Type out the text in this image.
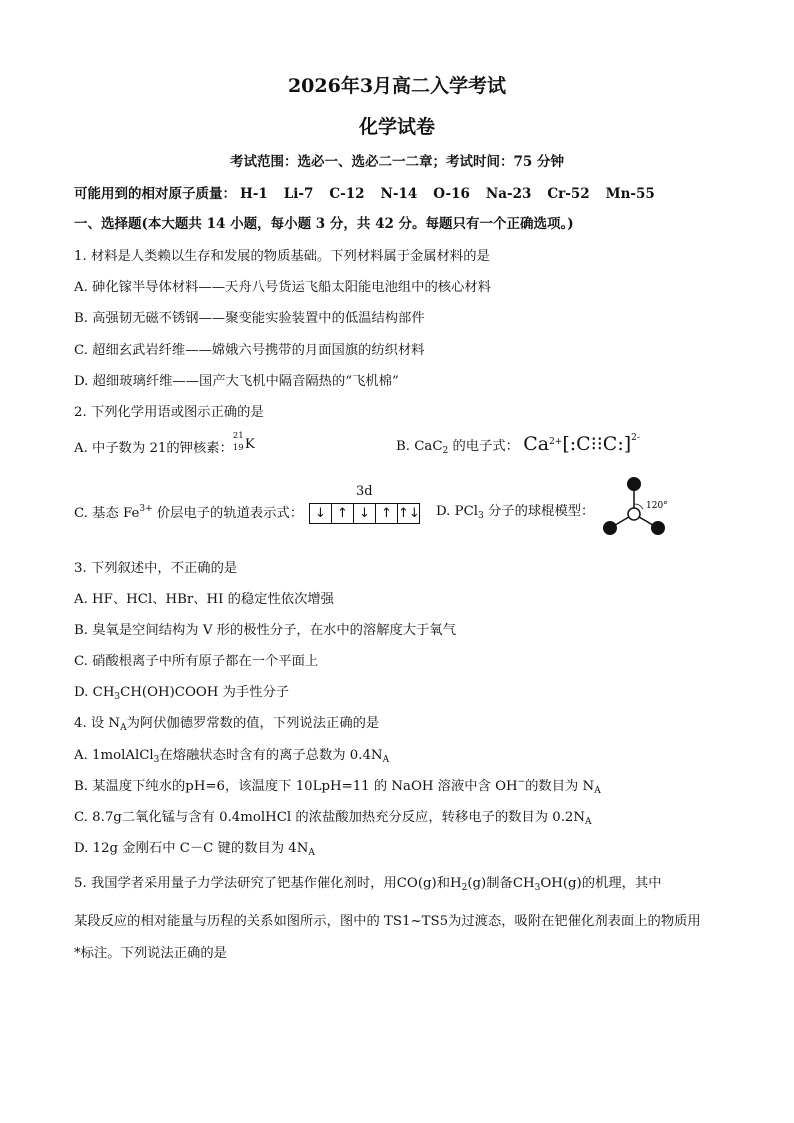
2026年3月高二入学考试
化学试卷
考试范围：选必一、选必二一二章；考试时间：75 分钟
可能用到的相对原子质量： H-1 Li-7 C-12 N-14 O-16 Na-23 Cr-52 Mn-55
一、选择题(本大题共 14 小题，每小题 3 分，共 42 分。每题只有一个正确选项。)
1. 材料是人类赖以生存和发展的物质基础。下列材料属于金属材料的是
A. 砷化镓半导体材料——天舟八号货运飞船太阳能电池组中的核心材料
B. 高强韧无磁不锈钢——聚变能实验装置中的低温结构部件
C. 超细玄武岩纤维——嫦娥六号携带的月面国旗的纺织材料
D. 超细玻璃纤维——国产大飞机中隔音隔热的“飞机棉”
2. 下列化学用语或图示正确的是
A. 中子数为 21的钾核素：
21
19 K	B. CaC$_2$ 的电子式： $Ca^{2+}[:C⁝⁝C:]^{2-}$
C. 基态 $Fe^{3+}$ 价层电子的轨道表示式：
3d
↓ ↑ ↓ ↑ ↑↓ D. PCl$_3$ 分子的球棍模型：	120°
3. 下列叙述中，不正确的是
A. HF、HCl、HBr、HI 的稳定性依次增强
B. 臭氧是空间结构为 V 形的极性分子，在水中的溶解度大于氧气
C. 硝酸根离子中所有原子都在一个平面上
D. $CH_3CH(OH)COOH$ 为手性分子
4. 设 $N_A$为阿伏伽德罗常数的值，下列说法正确的是
A. 1molAlCl$_3$在熔融状态时含有的离子总数为 $0.4N_A$
B. 某温度下纯水的pH=6，该温度下 10LpH=11 的 NaOH 溶液中含 OH−的数目为 $N_A$
C. 8.7g二氧化锰与含有 0.4molHCl 的浓盐酸加热充分反应，转移电子的数目为 $0.2N_A$
D. 12g 金刚石中 C－C 键的数目为 $4N_A$
5. 我国学者采用量子力学法研究了钯基作催化剂时，用CO(g)和$H_2(g)$制备$CH_3OH(g)$的机理，其中
某段反应的相对能量与历程的关系如图所示，图中的 TS1~TS5为过渡态，吸附在钯催化剂表面上的物质用
*标注。下列说法正确的是
